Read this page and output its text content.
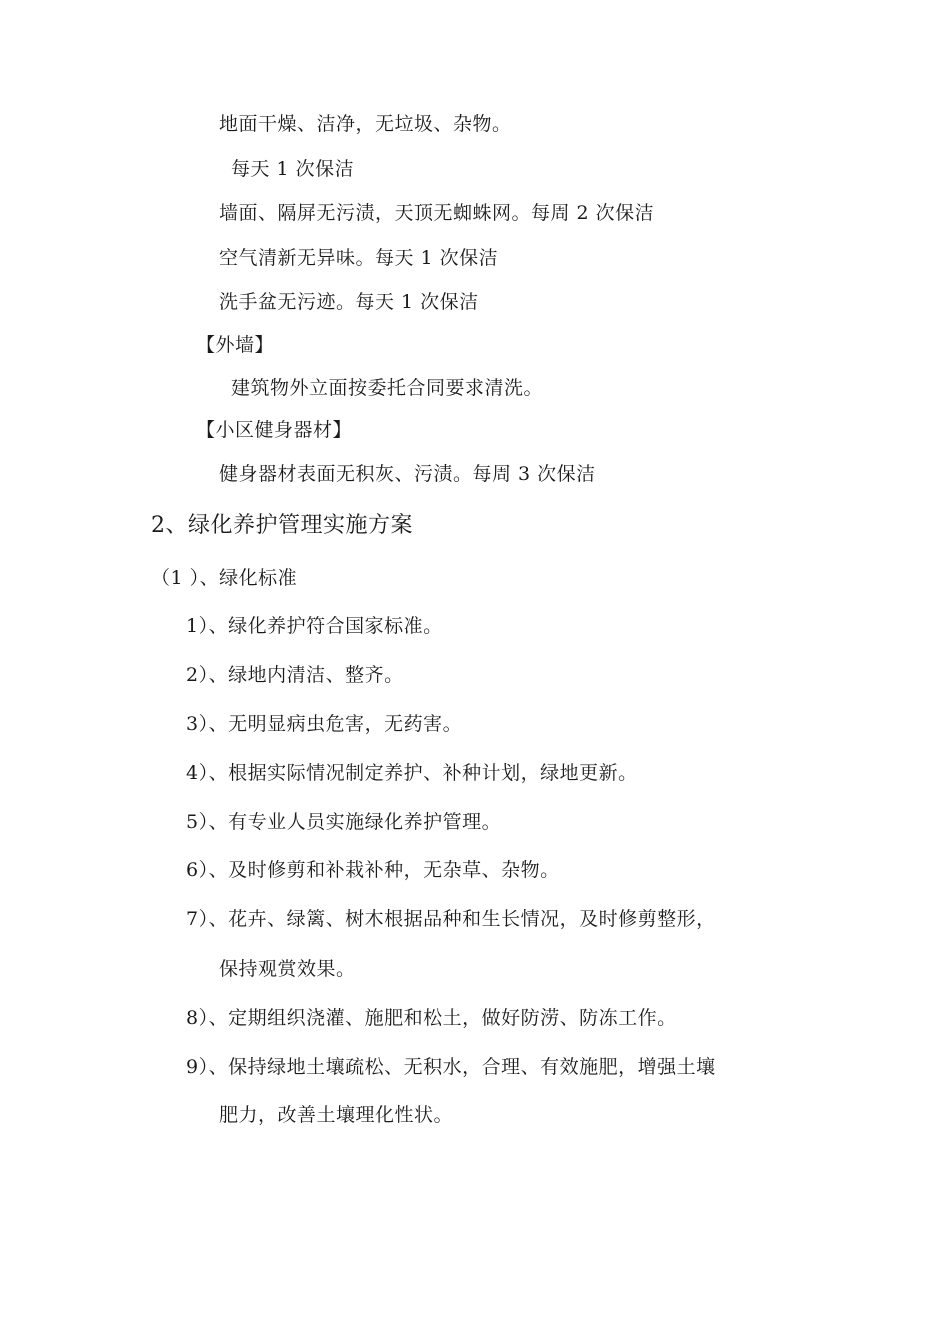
地面干燥、洁净，无垃圾、杂物。
每天 1 次保洁
墙面、隔屏无污渍，天顶无蜘蛛网。每周 2 次保洁
空气清新无异味。每天 1 次保洁
洗手盆无污迹。每天 1 次保洁
【外墙】
建筑物外立面按委托合同要求清洗。
【小区健身器材】
健身器材表面无积灰、污渍。每周 3 次保洁
2、绿化养护管理实施方案
（1 ）、绿化标准
1）、绿化养护符合国家标准。
2）、绿地内清洁、整齐。
3）、无明显病虫危害，无药害。
4）、根据实际情况制定养护、补种计划，绿地更新。
5）、有专业人员实施绿化养护管理。
6）、及时修剪和补栽补种，无杂草、杂物。
7）、花卉、绿篱、树木根据品种和生长情况，及时修剪整形，
保持观赏效果。
8）、定期组织浇灌、施肥和松土，做好防涝、防冻工作。
9）、保持绿地土壤疏松、无积水，合理、有效施肥，增强土壤
肥力，改善土壤理化性状。
